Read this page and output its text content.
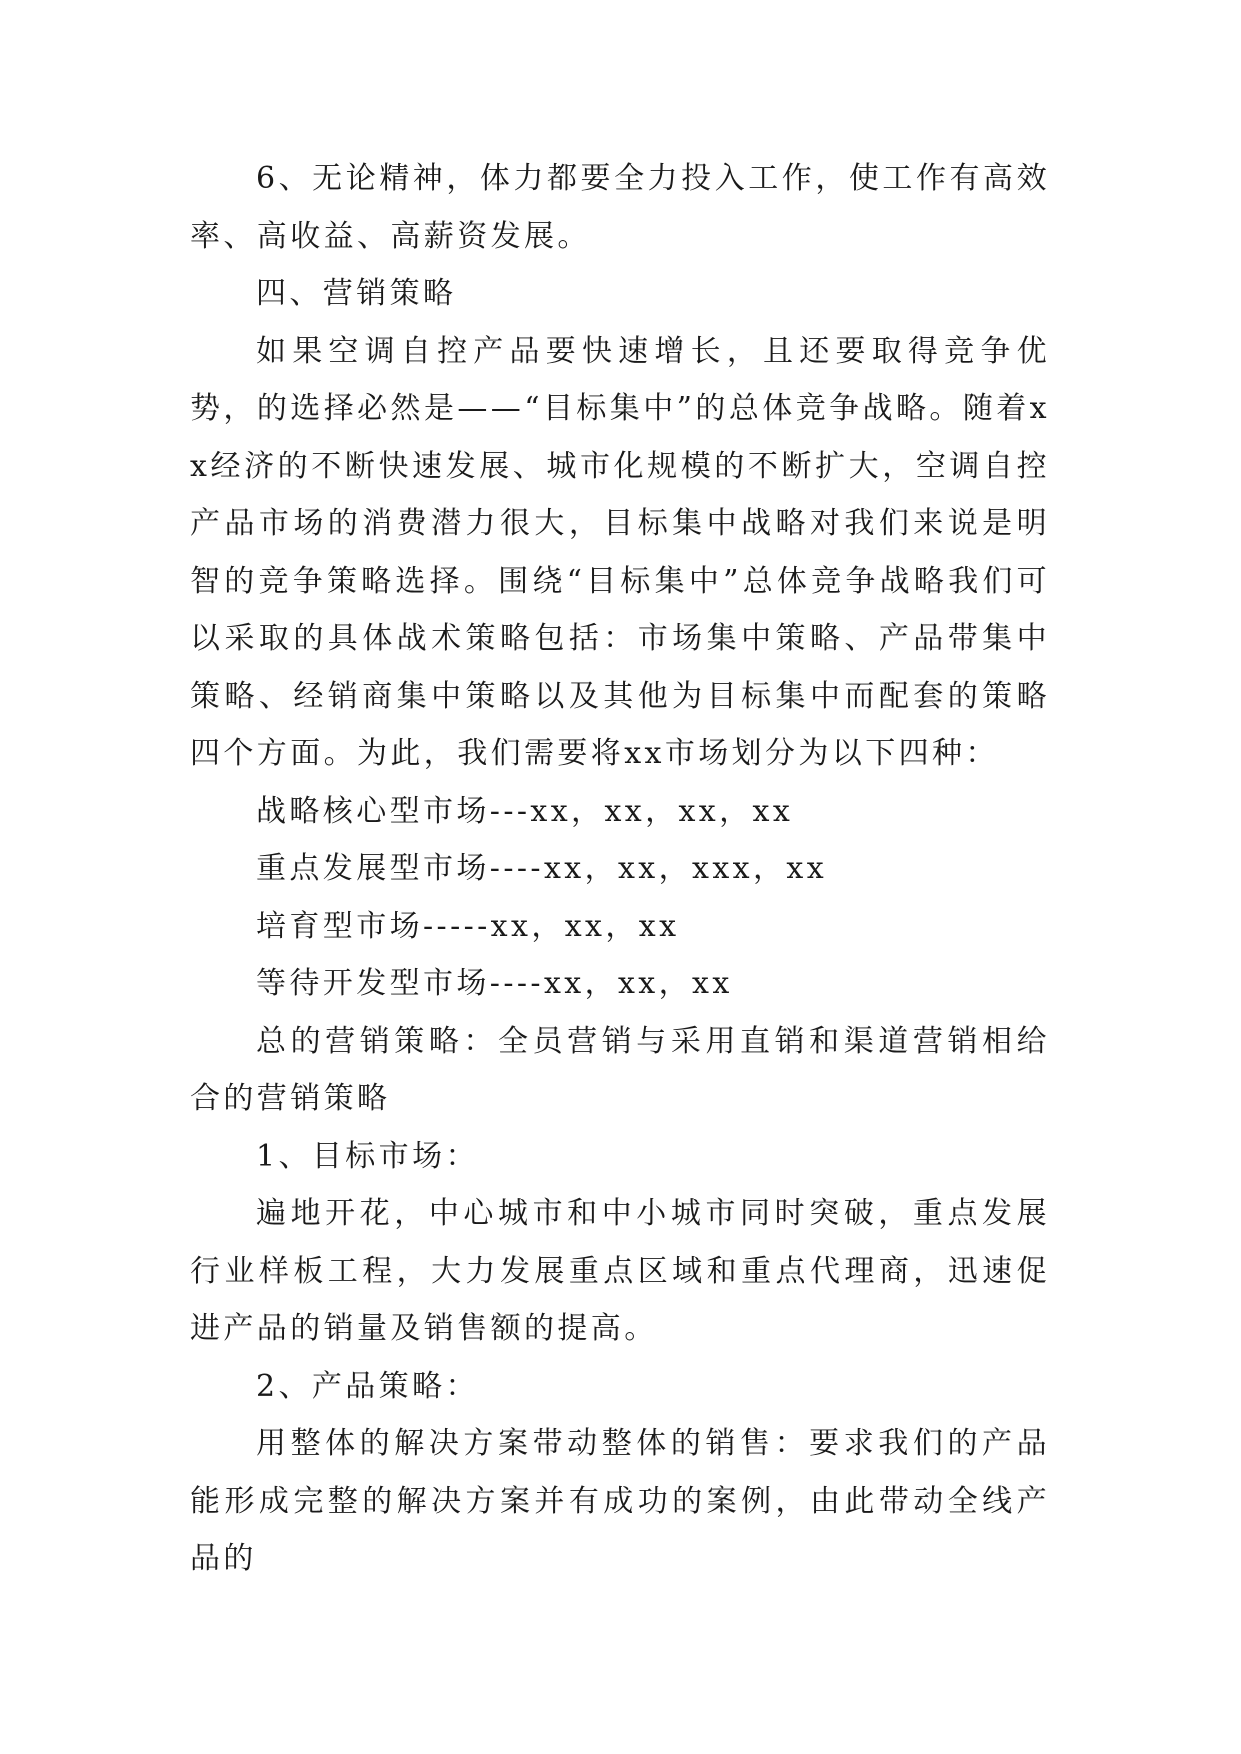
6、无论精神，体力都要全力投入工作，使工作有高效率、高收益、高薪资发展。

四、营销策略

如果空调自控产品要快速增长，且还要取得竞争优势，的选择必然是——“目标集中”的总体竞争战略。随着xx经济的不断快速发展、城市化规模的不断扩大，空调自控产品市场的消费潜力很大，目标集中战略对我们来说是明智的竞争策略选择。围绕“目标集中”总体竞争战略我们可以采取的具体战术策略包括：市场集中策略、产品带集中策略、经销商集中策略以及其他为目标集中而配套的策略四个方面。为此，我们需要将xx市场划分为以下四种：

战略核心型市场---xx，xx，xx，xx

重点发展型市场----xx，xx，xxx，xx

培育型市场-----xx，xx，xx

等待开发型市场----xx，xx，xx

总的营销策略：全员营销与采用直销和渠道营销相给合的营销策略

1、目标市场：

遍地开花，中心城市和中小城市同时突破，重点发展行业样板工程，大力发展重点区域和重点代理商，迅速促进产品的销量及销售额的提高。

2、产品策略：

用整体的解决方案带动整体的销售：要求我们的产品能形成完整的解决方案并有成功的案例，由此带动全线产品的
